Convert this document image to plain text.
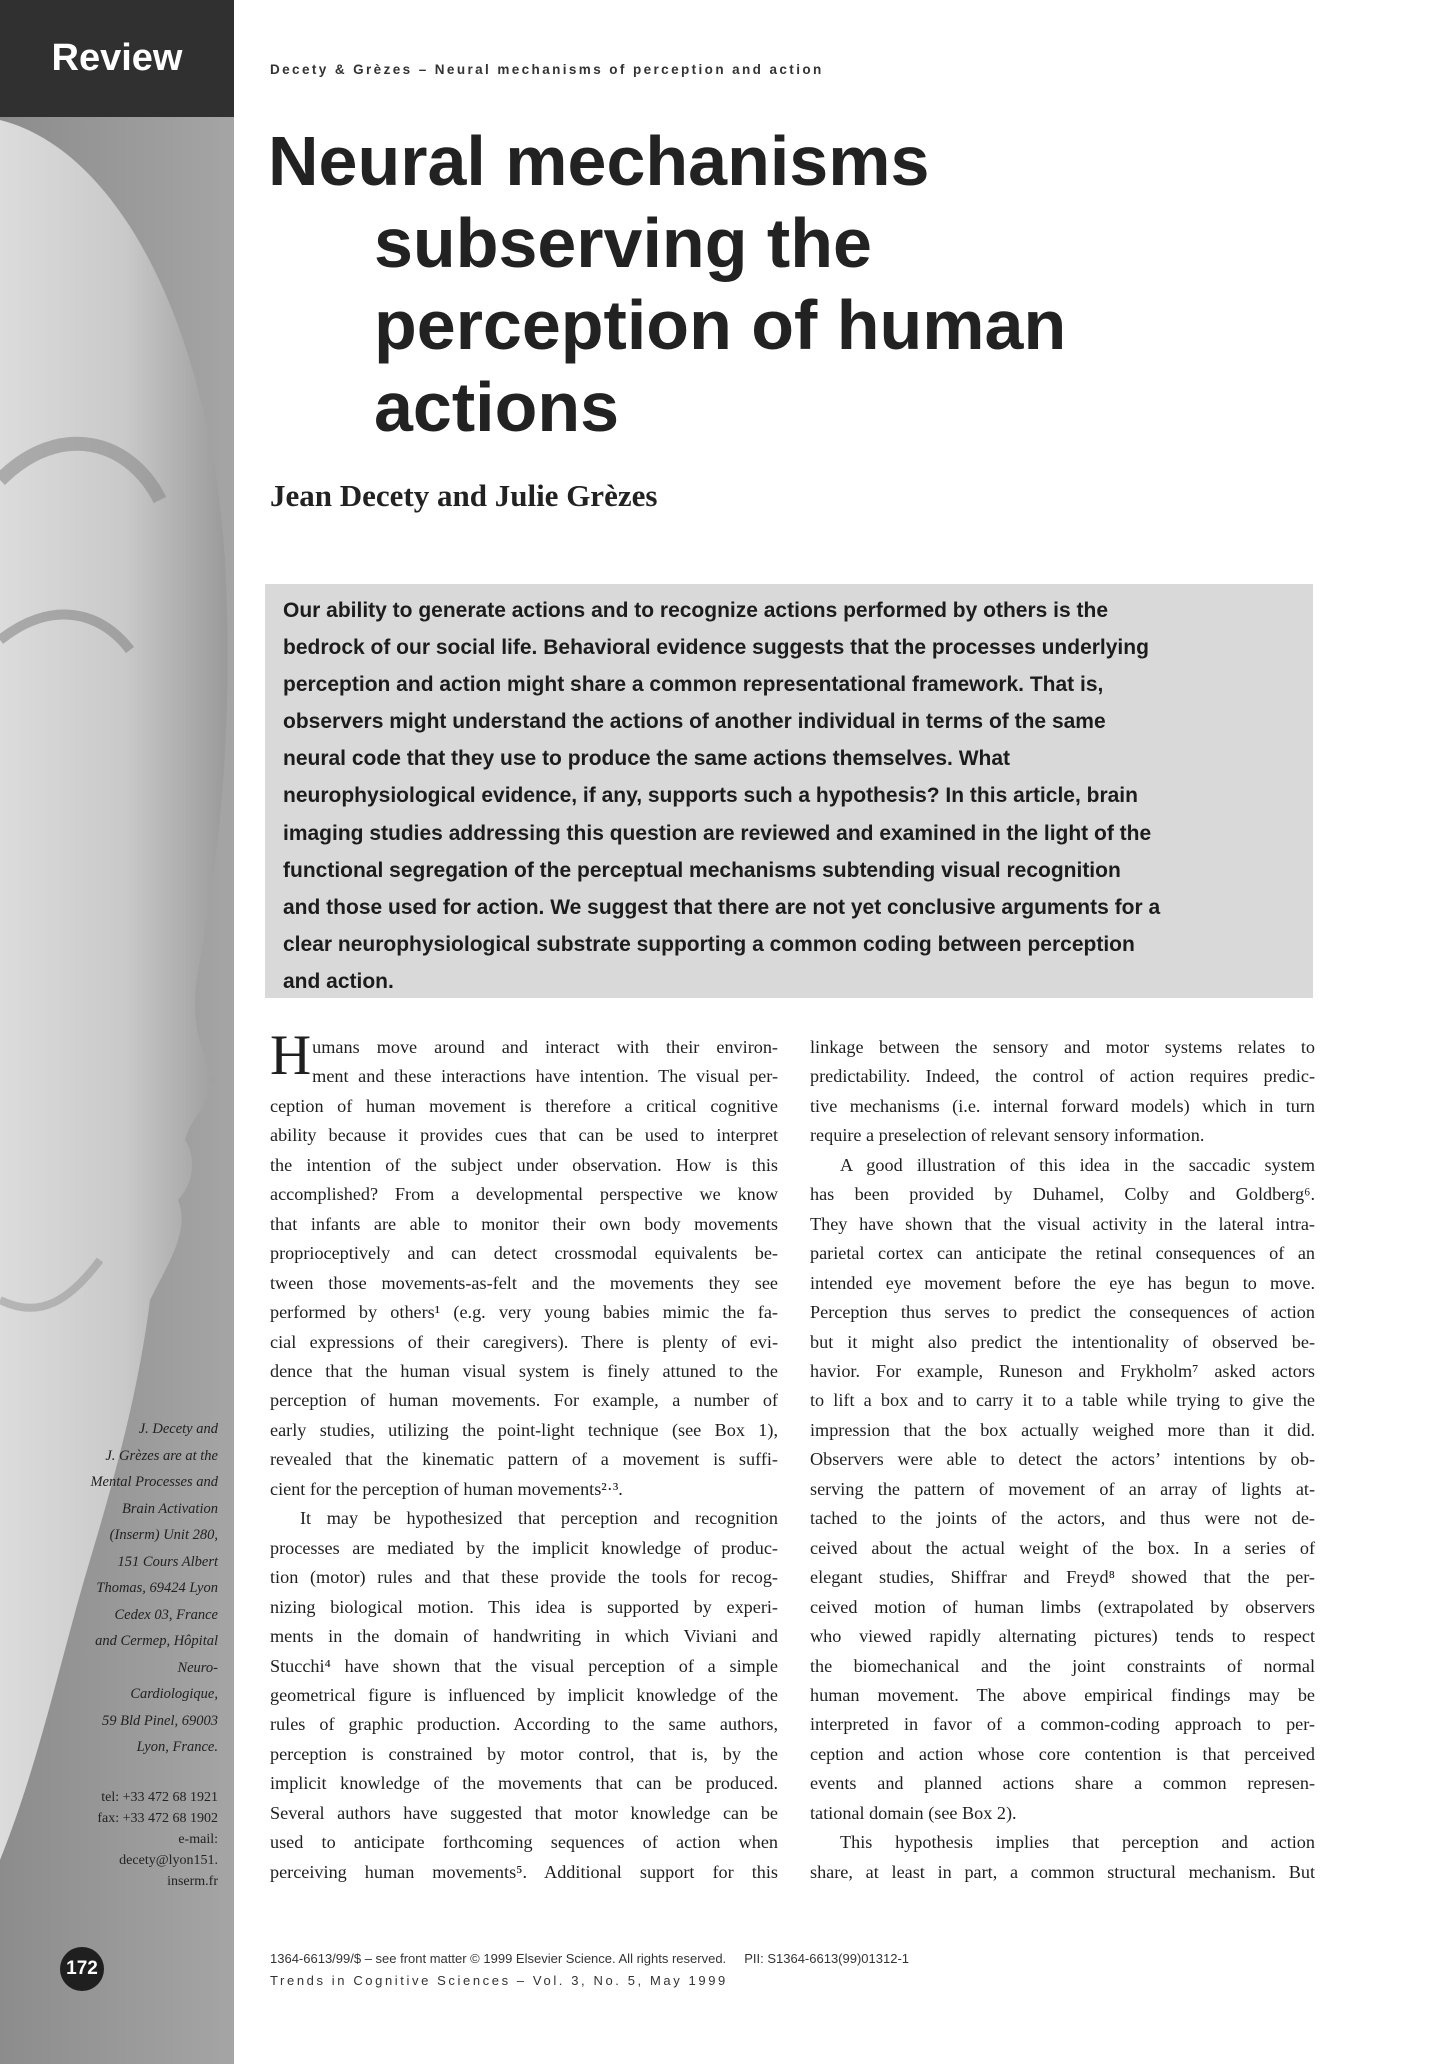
Review
J. Decety and
J. Grèzes are at the
Mental Processes and
Brain Activation
(Inserm) Unit 280,
151 Cours Albert
Thomas, 69424 Lyon
Cedex 03, France
and Cermep, Hôpital
Neuro-
Cardiologique,
59 Bld Pinel, 69003
Lyon, France.
tel: +33 472 68 1921
fax: +33 472 68 1902
e-mail:
decety@lyon151.
inserm.fr
172
Decety & Grèzes – Neural mechanisms of perception and action
Neural mechanisms
subserving the
perception of human
actions
Jean Decety and Julie Grèzes
Our ability to generate actions and to recognize actions performed by others is the
bedrock of our social life. Behavioral evidence suggests that the processes underlying
perception and action might share a common representational framework. That is,
observers might understand the actions of another individual in terms of the same
neural code that they use to produce the same actions themselves. What
neurophysiological evidence, if any, supports such a hypothesis? In this article, brain
imaging studies addressing this question are reviewed and examined in the light of the
functional segregation of the perceptual mechanisms subtending visual recognition
and those used for action. We suggest that there are not yet conclusive arguments for a
clear neurophysiological substrate supporting a common coding between perception
and action.
H umans move around and interact with their environ-
ment and these interactions have intention. The visual per-
ception of human movement is therefore a critical cognitive
ability because it provides cues that can be used to interpret
the intention of the subject under observation. How is this
accomplished? From a developmental perspective we know
that infants are able to monitor their own body movements
proprioceptively and can detect crossmodal equivalents be-
tween those movements-as-felt and the movements they see
performed by others¹ (e.g. very young babies mimic the fa-
cial expressions of their caregivers). There is plenty of evi-
dence that the human visual system is finely attuned to the
perception of human movements. For example, a number of
early studies, utilizing the point-light technique (see Box 1),
revealed that the kinematic pattern of a movement is suffi-
cient for the perception of human movements²·³.
It may be hypothesized that perception and recognition
processes are mediated by the implicit knowledge of produc-
tion (motor) rules and that these provide the tools for recog-
nizing biological motion. This idea is supported by experi-
ments in the domain of handwriting in which Viviani and
Stucchi⁴ have shown that the visual perception of a simple
geometrical figure is influenced by implicit knowledge of the
rules of graphic production. According to the same authors,
perception is constrained by motor control, that is, by the
implicit knowledge of the movements that can be produced.
Several authors have suggested that motor knowledge can be
used to anticipate forthcoming sequences of action when
perceiving human movements⁵. Additional support for this
linkage between the sensory and motor systems relates to
predictability. Indeed, the control of action requires predic-
tive mechanisms (i.e. internal forward models) which in turn
require a preselection of relevant sensory information.
A good illustration of this idea in the saccadic system
has been provided by Duhamel, Colby and Goldberg⁶.
They have shown that the visual activity in the lateral intra-
parietal cortex can anticipate the retinal consequences of an
intended eye movement before the eye has begun to move.
Perception thus serves to predict the consequences of action
but it might also predict the intentionality of observed be-
havior. For example, Runeson and Frykholm⁷ asked actors
to lift a box and to carry it to a table while trying to give the
impression that the box actually weighed more than it did.
Observers were able to detect the actors’ intentions by ob-
serving the pattern of movement of an array of lights at-
tached to the joints of the actors, and thus were not de-
ceived about the actual weight of the box. In a series of
elegant studies, Shiffrar and Freyd⁸ showed that the per-
ceived motion of human limbs (extrapolated by observers
who viewed rapidly alternating pictures) tends to respect
the biomechanical and the joint constraints of normal
human movement. The above empirical findings may be
interpreted in favor of a common-coding approach to per-
ception and action whose core contention is that perceived
events and planned actions share a common represen-
tational domain (see Box 2).
This hypothesis implies that perception and action
share, at least in part, a common structural mechanism. But
1364-6613/99/$ – see front matter © 1999 Elsevier Science. All rights reserved.     PII: S1364-6613(99)01312-1
Trends in Cognitive Sciences – Vol. 3, No. 5, May 1999
